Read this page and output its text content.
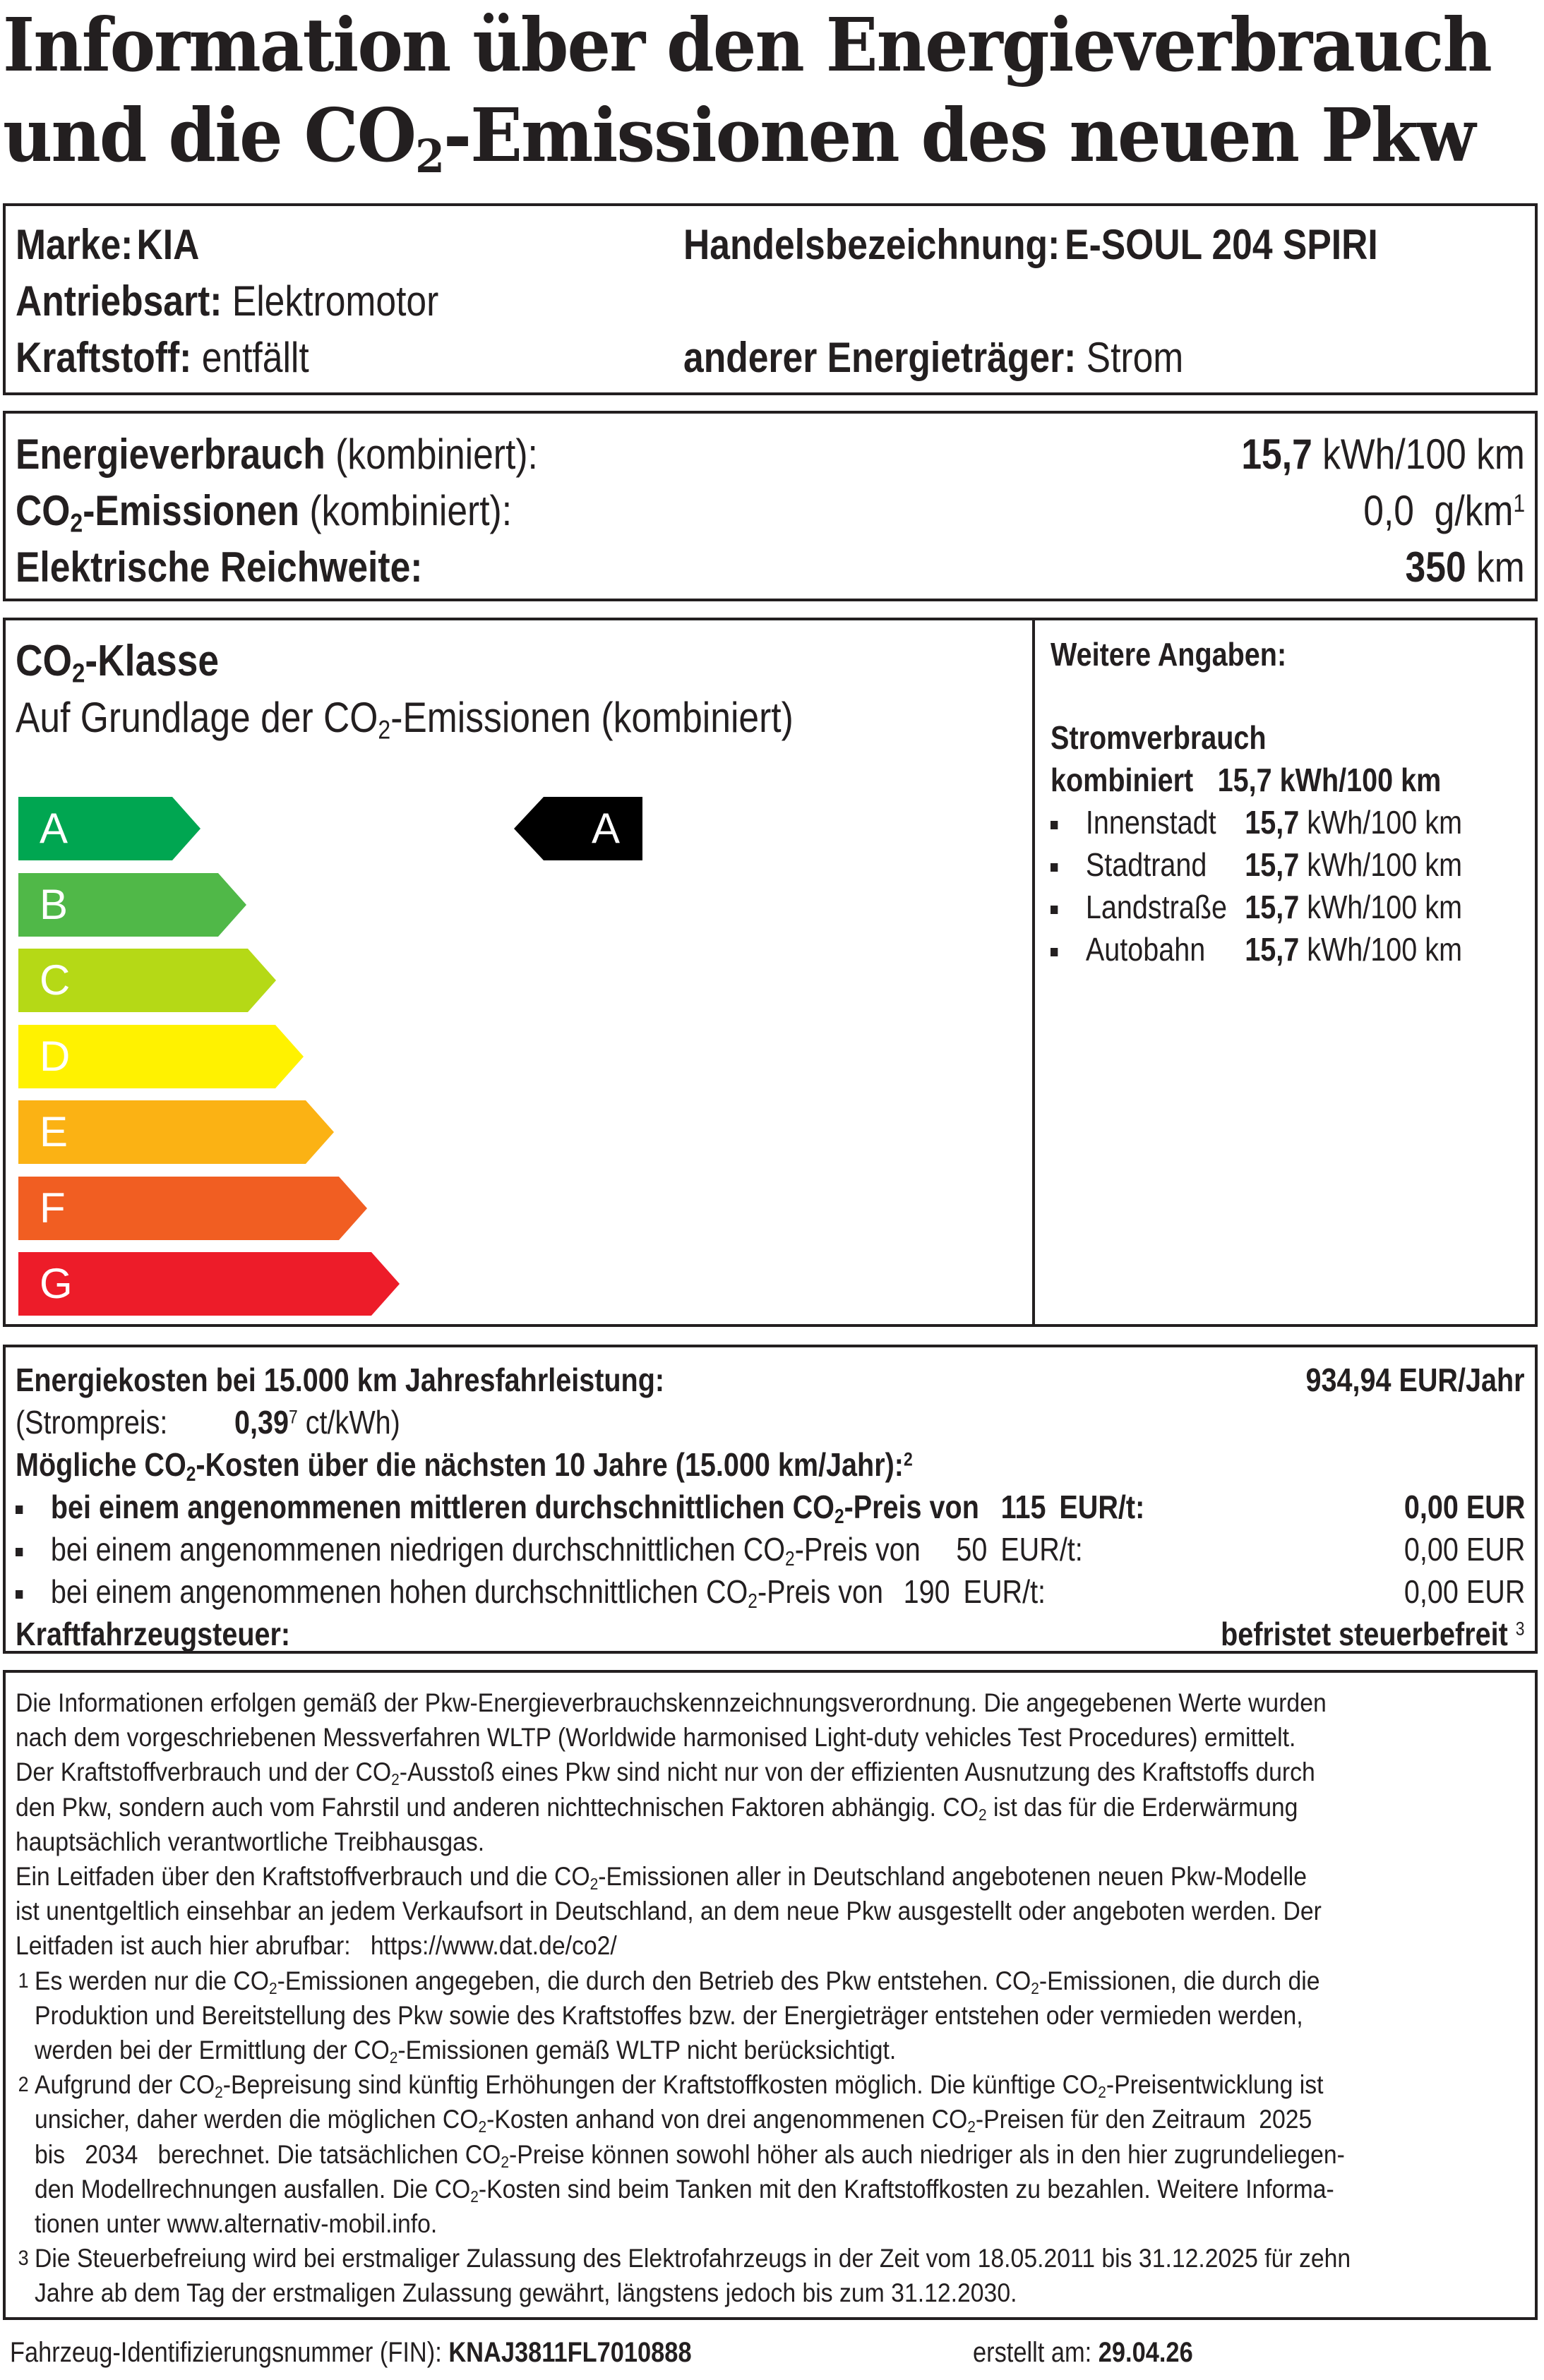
Information über den Energieverbrauch
und die $CO_2$-Emissionen des neuen Pkw
Marke:KIA	Handelsbezeichnung: E-SOUL 204 SPIRI
Antriebsart: Elektromotor
Kraftstoff: entfällt	anderer Energieträger: Strom
Energieverbrauch (kombiniert):	15,7 kWh/100 km
$CO_2$-Emissionen (kombiniert):	0,0 $g/km^1$
Elektrische Reichweite:	350 km
$CO_2$-Klasse
Auf Grundlage der $CO_2$-Emissionen (kombiniert)
A
B
C
D
E
F
G
A
Weitere Angaben:
Stromverbrauch
kombiniert 15,7 kWh/100 km
Innenstadt 15,7 kWh/100 km
Stadtrand 15,7 kWh/100 km
Landstraße 15,7 kWh/100 km
Autobahn 15,7 kWh/100 km
Energiekosten bei 15.000 km Jahresfahrleistung:	934,94 EUR/Jahr
(Strompreis: 0,39$^7$ ct/kWh)
Mögliche $CO_2$-Kosten über die nächsten 10 Jahre (15.000 km/Jahr):$^2$
bei einem angenommenen mittleren durchschnittlichen $CO_2$-Preis von 115 EUR/t:	0,00 EUR
bei einem angenommenen niedrigen durchschnittlichen $CO_2$-Preis von 50 EUR/t:	0,00 EUR
bei einem angenommenen hohen durchschnittlichen $CO_2$-Preis von 190 EUR/t:	0,00 EUR
Kraftfahrzeugsteuer:	befristet steuerbefreit $^3$

Die Informationen erfolgen gemäß der Pkw-Energieverbrauchskennzeichnungsverordnung. Die angegebenen Werte wurden

nach dem vorgeschriebenen Messverfahren WLTP (Worldwide harmonised Light-duty vehicles Test Procedures) ermittelt.

Der Kraftstoffverbrauch und der $CO_2$-Ausstoß eines Pkw sind nicht nur von der effizienten Ausnutzung des Kraftstoffs durch

den Pkw, sondern auch vom Fahrstil und anderen nichttechnischen Faktoren abhängig. $CO_2$ ist das für die Erderwärmung

hauptsächlich verantwortliche Treibhausgas.

Ein Leitfaden über den Kraftstoffverbrauch und die $CO_2$-Emissionen aller in Deutschland angebotenen neuen Pkw-Modelle

ist unentgeltlich einsehbar an jedem Verkaufsort in Deutschland, an dem neue Pkw ausgestellt oder angeboten werden. Der

Leitfaden ist auch hier abrufbar: https://www.dat.de/co2/

1 Es werden nur die $CO_2$-Emissionen angegeben, die durch den Betrieb des Pkw entstehen. $CO_2$-Emissionen, die durch die

Produktion und Bereitstellung des Pkw sowie des Kraftstoffes bzw. der Energieträger entstehen oder vermieden werden,

werden bei der Ermittlung der $CO_2$-Emissionen gemäß WLTP nicht berücksichtigt.

2 Aufgrund der $CO_2$-Bepreisung sind künftig Erhöhungen der Kraftstoffkosten möglich. Die künftige $CO_2$-Preisentwicklung ist

unsicher, daher werden die möglichen $CO_2$-Kosten anhand von drei angenommenen $CO_2$-Preisen für den Zeitraum  2025

bis   2034   berechnet. Die tatsächlichen $CO_2$-Preise können sowohl höher als auch niedriger als in den hier zugrundeliegen-

den Modellrechnungen ausfallen. Die $CO_2$-Kosten sind beim Tanken mit den Kraftstoffkosten zu bezahlen. Weitere Informa-

tionen unter www.alternativ-mobil.info.

3 Die Steuerbefreiung wird bei erstmaliger Zulassung des Elektrofahrzeugs in der Zeit vom 18.05.2011 bis 31.12.2025 für zehn

Jahre ab dem Tag der erstmaligen Zulassung gewährt, längstens jedoch bis zum 31.12.2030.

Fahrzeug-Identifizierungsnummer (FIN): KNAJ3811FL7010888	erstellt am: 29.04.26
